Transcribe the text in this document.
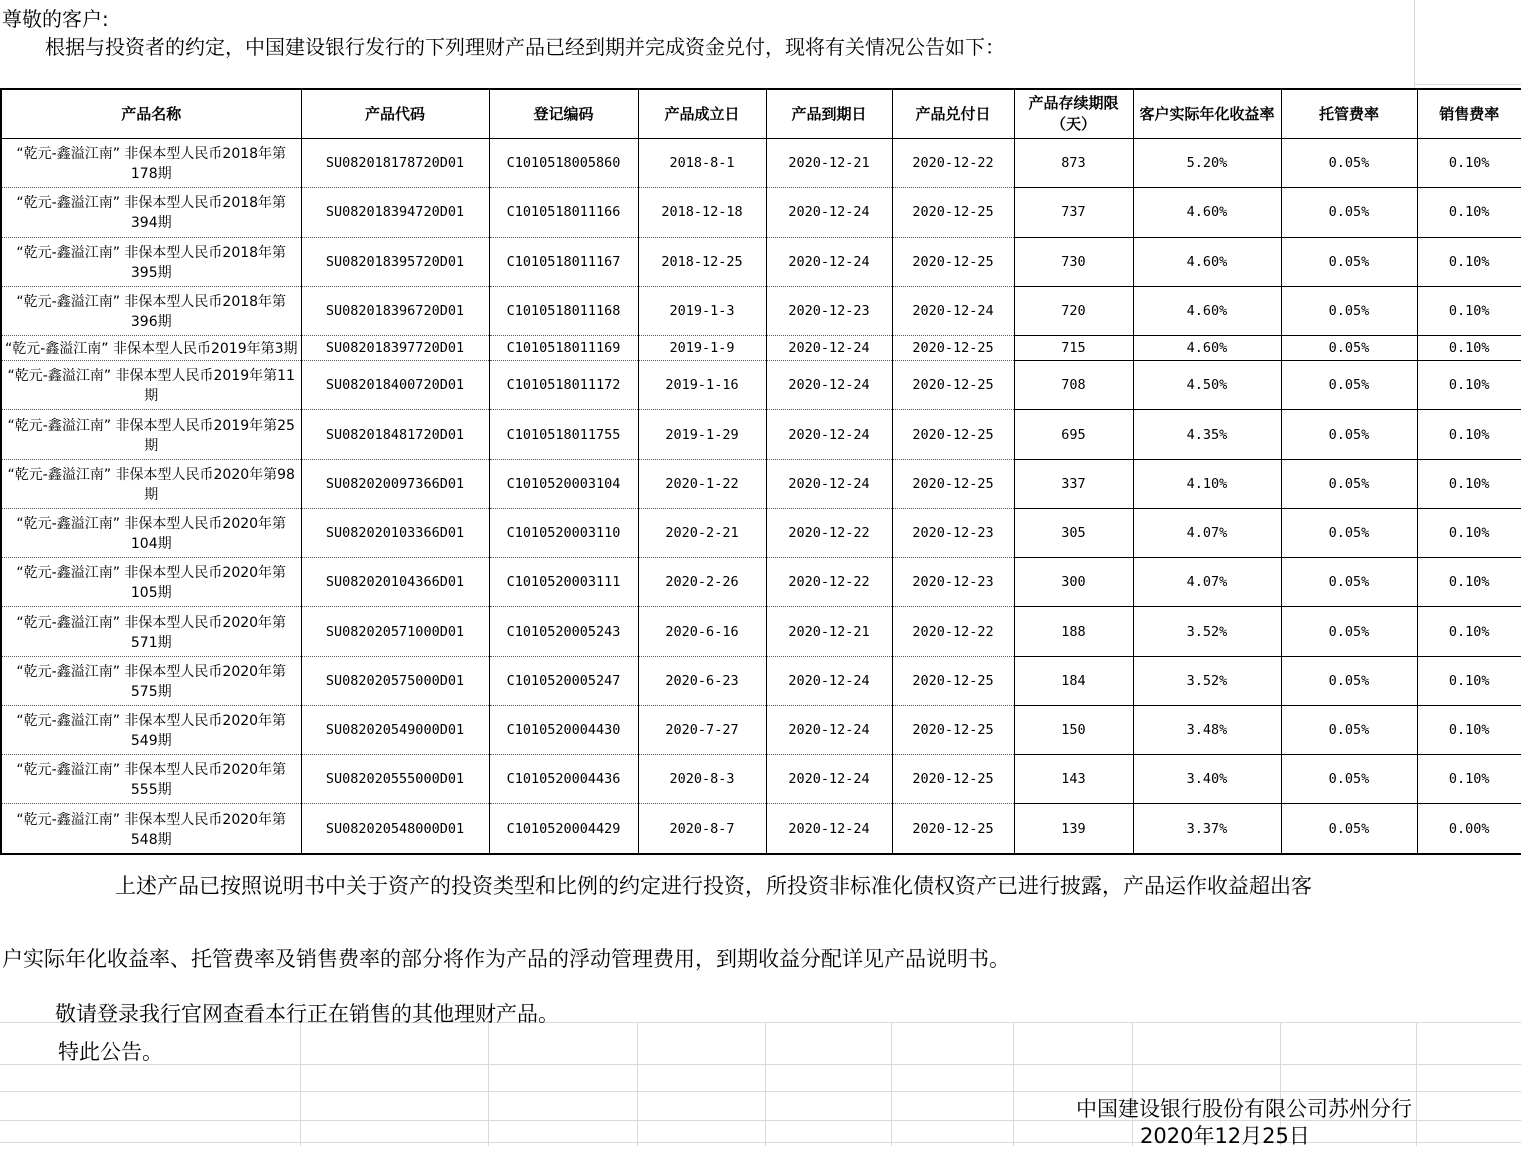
尊敬的客户:
根据与投资者的约定，中国建设银行发行的下列理财产品已经到期并完成资金兑付，现将有关情况公告如下：
产品名称	产品代码	登记编码	产品成立日	产品到期日	产品兑付日	产品存续期限（天）	客户实际年化收益率	托管费率	销售费率
“乾元-鑫溢江南” 非保本型人民币2018年第178期	SU082018178720D01	C1010518005860	2018-8-1	2020-12-21	2020-12-22	873	5.20%	0.05%	0.10%
“乾元-鑫溢江南” 非保本型人民币2018年第394期	SU082018394720D01	C1010518011166	2018-12-18	2020-12-24	2020-12-25	737	4.60%	0.05%	0.10%
“乾元-鑫溢江南” 非保本型人民币2018年第395期	SU082018395720D01	C1010518011167	2018-12-25	2020-12-24	2020-12-25	730	4.60%	0.05%	0.10%
“乾元-鑫溢江南” 非保本型人民币2018年第396期	SU082018396720D01	C1010518011168	2019-1-3	2020-12-23	2020-12-24	720	4.60%	0.05%	0.10%
“乾元-鑫溢江南” 非保本型人民币2019年第3期	SU082018397720D01	C1010518011169	2019-1-9	2020-12-24	2020-12-25	715	4.60%	0.05%	0.10%
“乾元-鑫溢江南” 非保本型人民币2019年第11期	SU082018400720D01	C1010518011172	2019-1-16	2020-12-24	2020-12-25	708	4.50%	0.05%	0.10%
“乾元-鑫溢江南” 非保本型人民币2019年第25期	SU082018481720D01	C1010518011755	2019-1-29	2020-12-24	2020-12-25	695	4.35%	0.05%	0.10%
“乾元-鑫溢江南” 非保本型人民币2020年第98期	SU082020097366D01	C1010520003104	2020-1-22	2020-12-24	2020-12-25	337	4.10%	0.05%	0.10%
“乾元-鑫溢江南” 非保本型人民币2020年第104期	SU082020103366D01	C1010520003110	2020-2-21	2020-12-22	2020-12-23	305	4.07%	0.05%	0.10%
“乾元-鑫溢江南” 非保本型人民币2020年第105期	SU082020104366D01	C1010520003111	2020-2-26	2020-12-22	2020-12-23	300	4.07%	0.05%	0.10%
“乾元-鑫溢江南” 非保本型人民币2020年第571期	SU082020571000D01	C1010520005243	2020-6-16	2020-12-21	2020-12-22	188	3.52%	0.05%	0.10%
“乾元-鑫溢江南” 非保本型人民币2020年第575期	SU082020575000D01	C1010520005247	2020-6-23	2020-12-24	2020-12-25	184	3.52%	0.05%	0.10%
“乾元-鑫溢江南” 非保本型人民币2020年第549期	SU082020549000D01	C1010520004430	2020-7-27	2020-12-24	2020-12-25	150	3.48%	0.05%	0.10%
“乾元-鑫溢江南” 非保本型人民币2020年第555期	SU082020555000D01	C1010520004436	2020-8-3	2020-12-24	2020-12-25	143	3.40%	0.05%	0.10%
“乾元-鑫溢江南” 非保本型人民币2020年第548期	SU082020548000D01	C1010520004429	2020-8-7	2020-12-24	2020-12-25	139	3.37%	0.05%	0.00%
上述产品已按照说明书中关于资产的投资类型和比例的约定进行投资，所投资非标准化债权资产已进行披露，产品运作收益超出客
户实际年化收益率、托管费率及销售费率的部分将作为产品的浮动管理费用，到期收益分配详见产品说明书。
敬请登录我行官网查看本行正在销售的其他理财产品。
特此公告。
中国建设银行股份有限公司苏州分行
2020年12月25日
